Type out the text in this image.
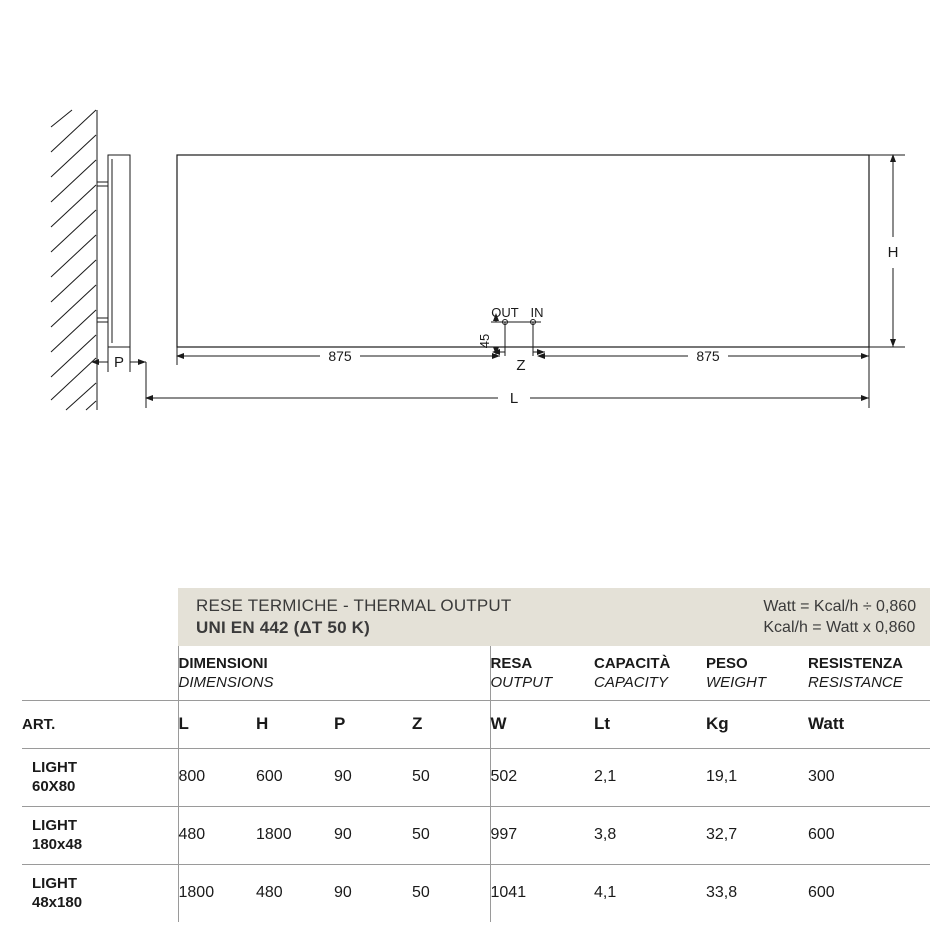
H
P
OUT IN
45
Z
875	875
L

	RESE TERMICHE - THERMAL OUTPUT
UNI EN 442 (ΔT 50 K)
Watt = Kcal/h ÷ 0,860
Kcal/h = Watt x 0,860							

DIMENSIONI
DIMENSIONS

RESA
OUTPUT

CAPACITÀ
CAPACITY

PESO
WEIGHT

RESISTENZA
RESISTANCE

ART.	L	H	P	Z	W	Lt	Kg	Watt

LIGHT
60X80	800	600	90	50	502	2,1	19,1	300

LIGHT
180x48	480	1800	90	50	997	3,8	32,7	600

LIGHT
48x180	1800	480	90	50	1041	4,1	33,8	600
